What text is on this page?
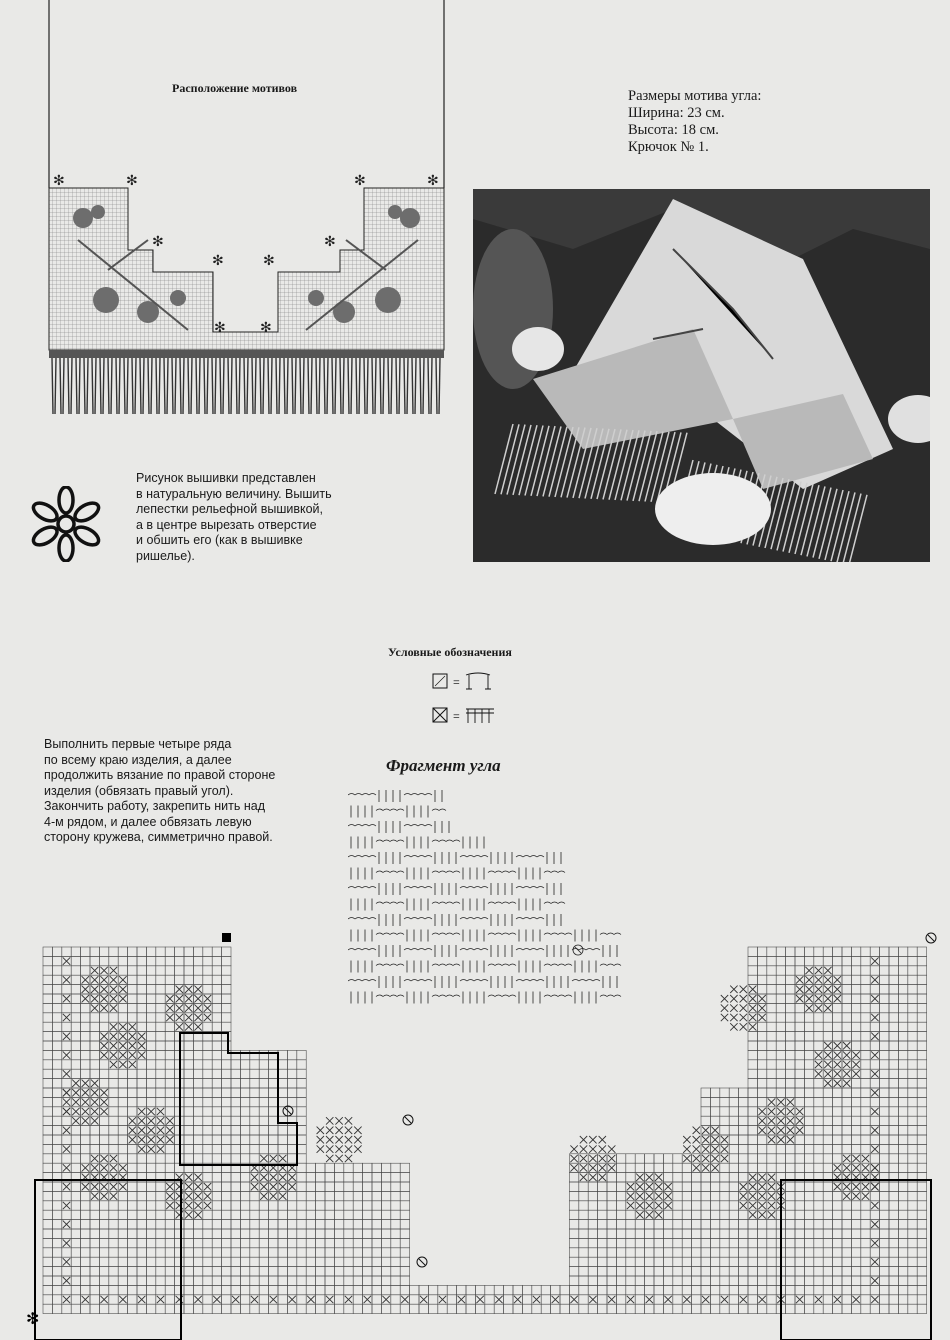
✻	✻	✻	✻
✻	✻
✻	✻
✻ ✻
Расположение мотивов	Размеры мотива угла:
Ширина: 23 см.
Высота: 18 см.
Крючок № 1.
Рисунок вышивки представлен
в натуральную величину. Вышить
лепестки рельефной вышивкой,
а в центре вырезать отверстие
и обшить его (как в вышивке
ришелье).
Условные обозначения
=
=
Выполнить первые четыре ряда
по всему краю изделия, а далее
продолжить вязание по правой стороне
изделия (обвязать правый угол).
Закончить работу, закрепить нить над
4-м рядом, и далее обвязать левую
сторону кружева, симметрично правой.
Фрагмент угла
✻
